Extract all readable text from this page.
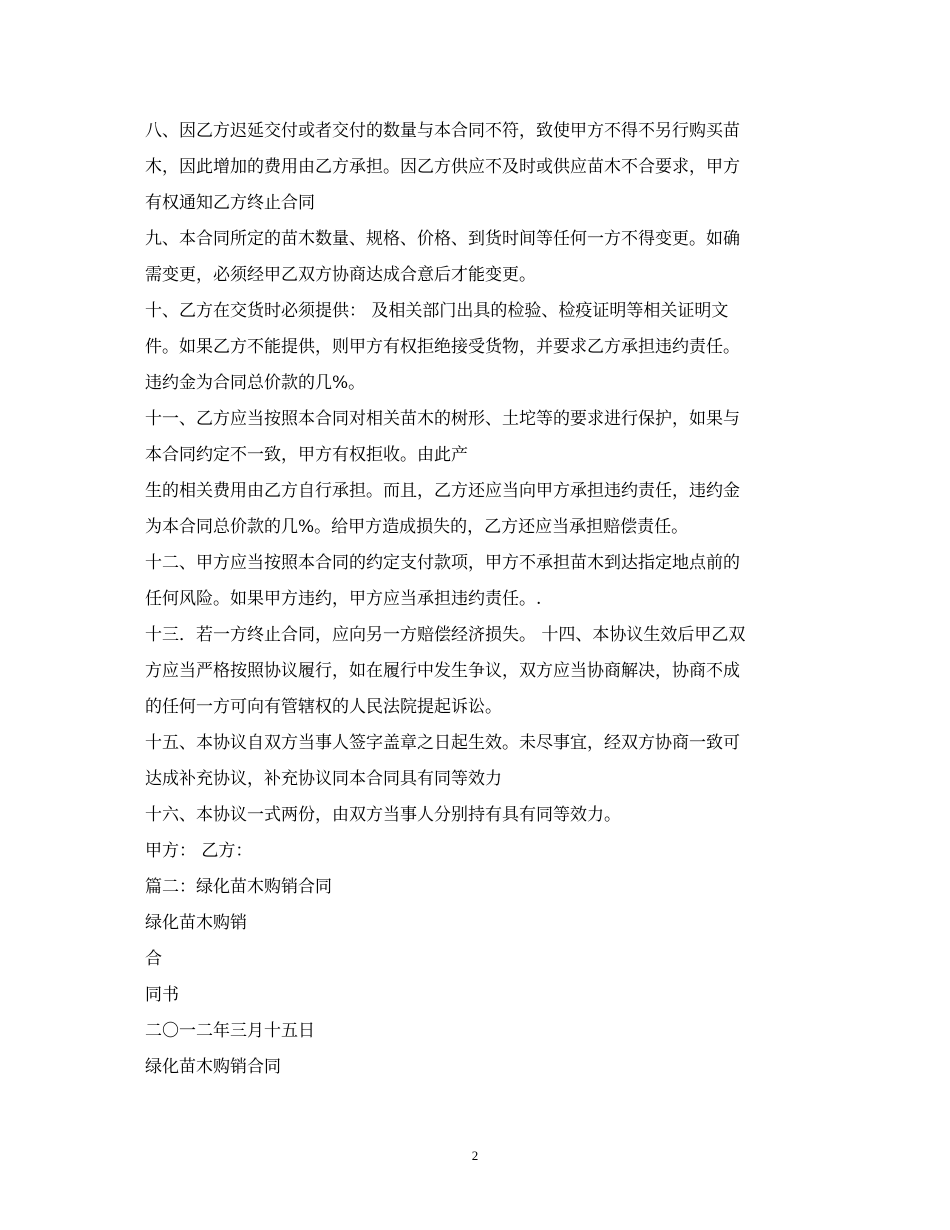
八、因乙方迟延交付或者交付的数量与本合同不符，致使甲方不得不另行购买苗

木，因此增加的费用由乙方承担。因乙方供应不及时或供应苗木不合要求，甲方

有权通知乙方终止合同

九、本合同所定的苗木数量、规格、价格、到货时间等任何一方不得变更。如确

需变更，必须经甲乙双方协商达成合意后才能变更。

十、乙方在交货时必须提供： 及相关部门出具的检验、检疫证明等相关证明文

件。如果乙方不能提供，则甲方有权拒绝接受货物，并要求乙方承担违约责任。

违约金为合同总价款的几%。

十一、乙方应当按照本合同对相关苗木的树形、土坨等的要求进行保护，如果与

本合同约定不一致，甲方有权拒收。由此产

生的相关费用由乙方自行承担。而且，乙方还应当向甲方承担违约责任，违约金

为本合同总价款的几%。给甲方造成损失的，乙方还应当承担赔偿责任。

十二、甲方应当按照本合同的约定支付款项，甲方不承担苗木到达指定地点前的

任何风险。如果甲方违约，甲方应当承担违约责任。.

十三．若一方终止合同，应向另一方赔偿经济损失。 十四、本协议生效后甲乙双

方应当严格按照协议履行，如在履行中发生争议，双方应当协商解决，协商不成

的任何一方可向有管辖权的人民法院提起诉讼。

十五、本协议自双方当事人签字盖章之日起生效。未尽事宜，经双方协商一致可

达成补充协议，补充协议同本合同具有同等效力

十六、本协议一式两份，由双方当事人分别持有具有同等效力。

甲方： 乙方：

篇二：绿化苗木购销合同

绿化苗木购销

合

同书

二〇一二年三月十五日

绿化苗木购销合同

2
